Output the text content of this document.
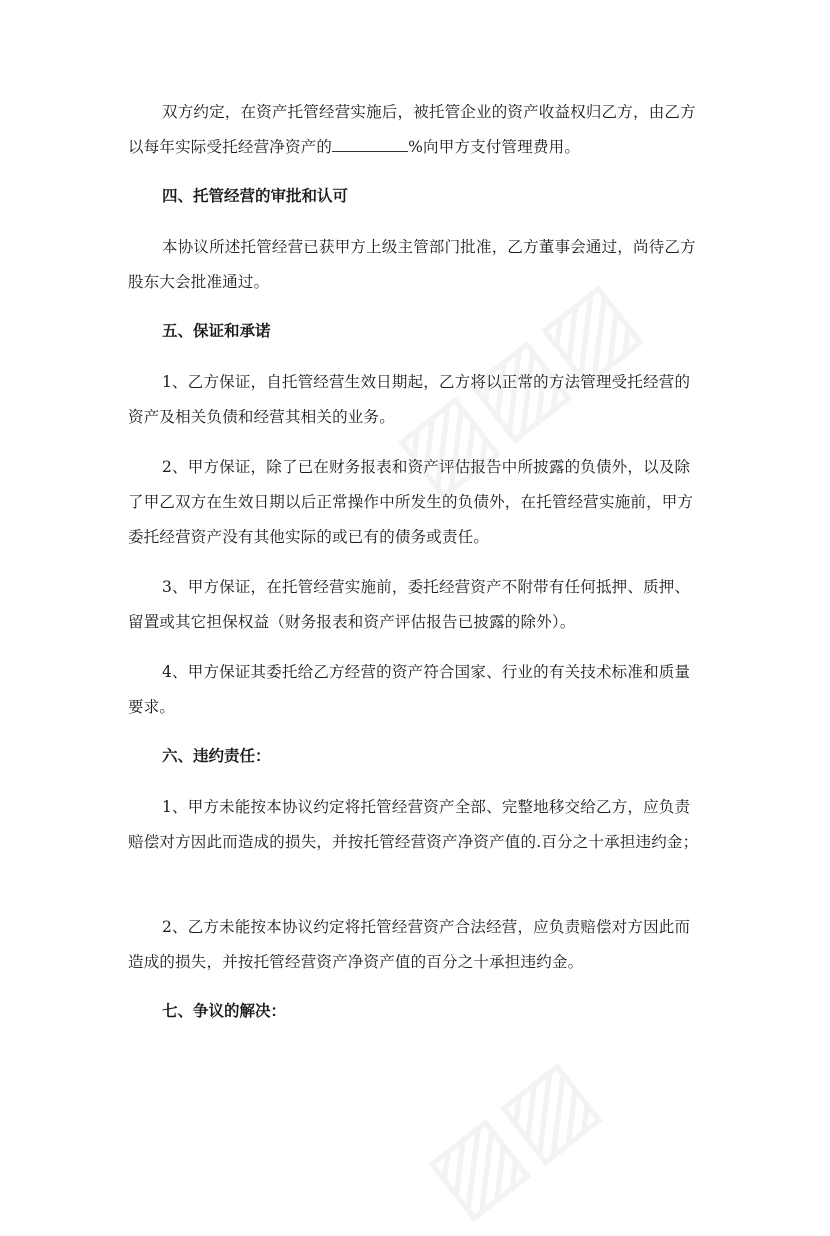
双方约定，在资产托管经营实施后，被托管企业的资产收益权归乙方，由乙方以每年实际受托经营净资产的	%向甲方支付管理费用。

四、托管经营的审批和认可

本协议所述托管经营已获甲方上级主管部门批准，乙方董事会通过，尚待乙方股东大会批准通过。

五、保证和承诺

1、乙方保证，自托管经营生效日期起，乙方将以正常的方法管理受托经营的资产及相关负债和经营其相关的业务。

2、甲方保证，除了已在财务报表和资产评估报告中所披露的负债外，以及除了甲乙双方在生效日期以后正常操作中所发生的负债外，在托管经营实施前，甲方委托经营资产没有其他实际的或已有的债务或责任。

3、甲方保证，在托管经营实施前，委托经营资产不附带有任何抵押、质押、留置或其它担保权益（财务报表和资产评估报告已披露的除外）。

4、甲方保证其委托给乙方经营的资产符合国家、行业的有关技术标准和质量要求。

六、违约责任：

1、甲方未能按本协议约定将托管经营资产全部、完整地移交给乙方，应负责赔偿对方因此而造成的损失，并按托管经营资产净资产值的.百分之十承担违约金；

2、乙方未能按本协议约定将托管经营资产合法经营，应负责赔偿对方因此而造成的损失，并按托管经营资产净资产值的百分之十承担违约金。

七、争议的解决：
